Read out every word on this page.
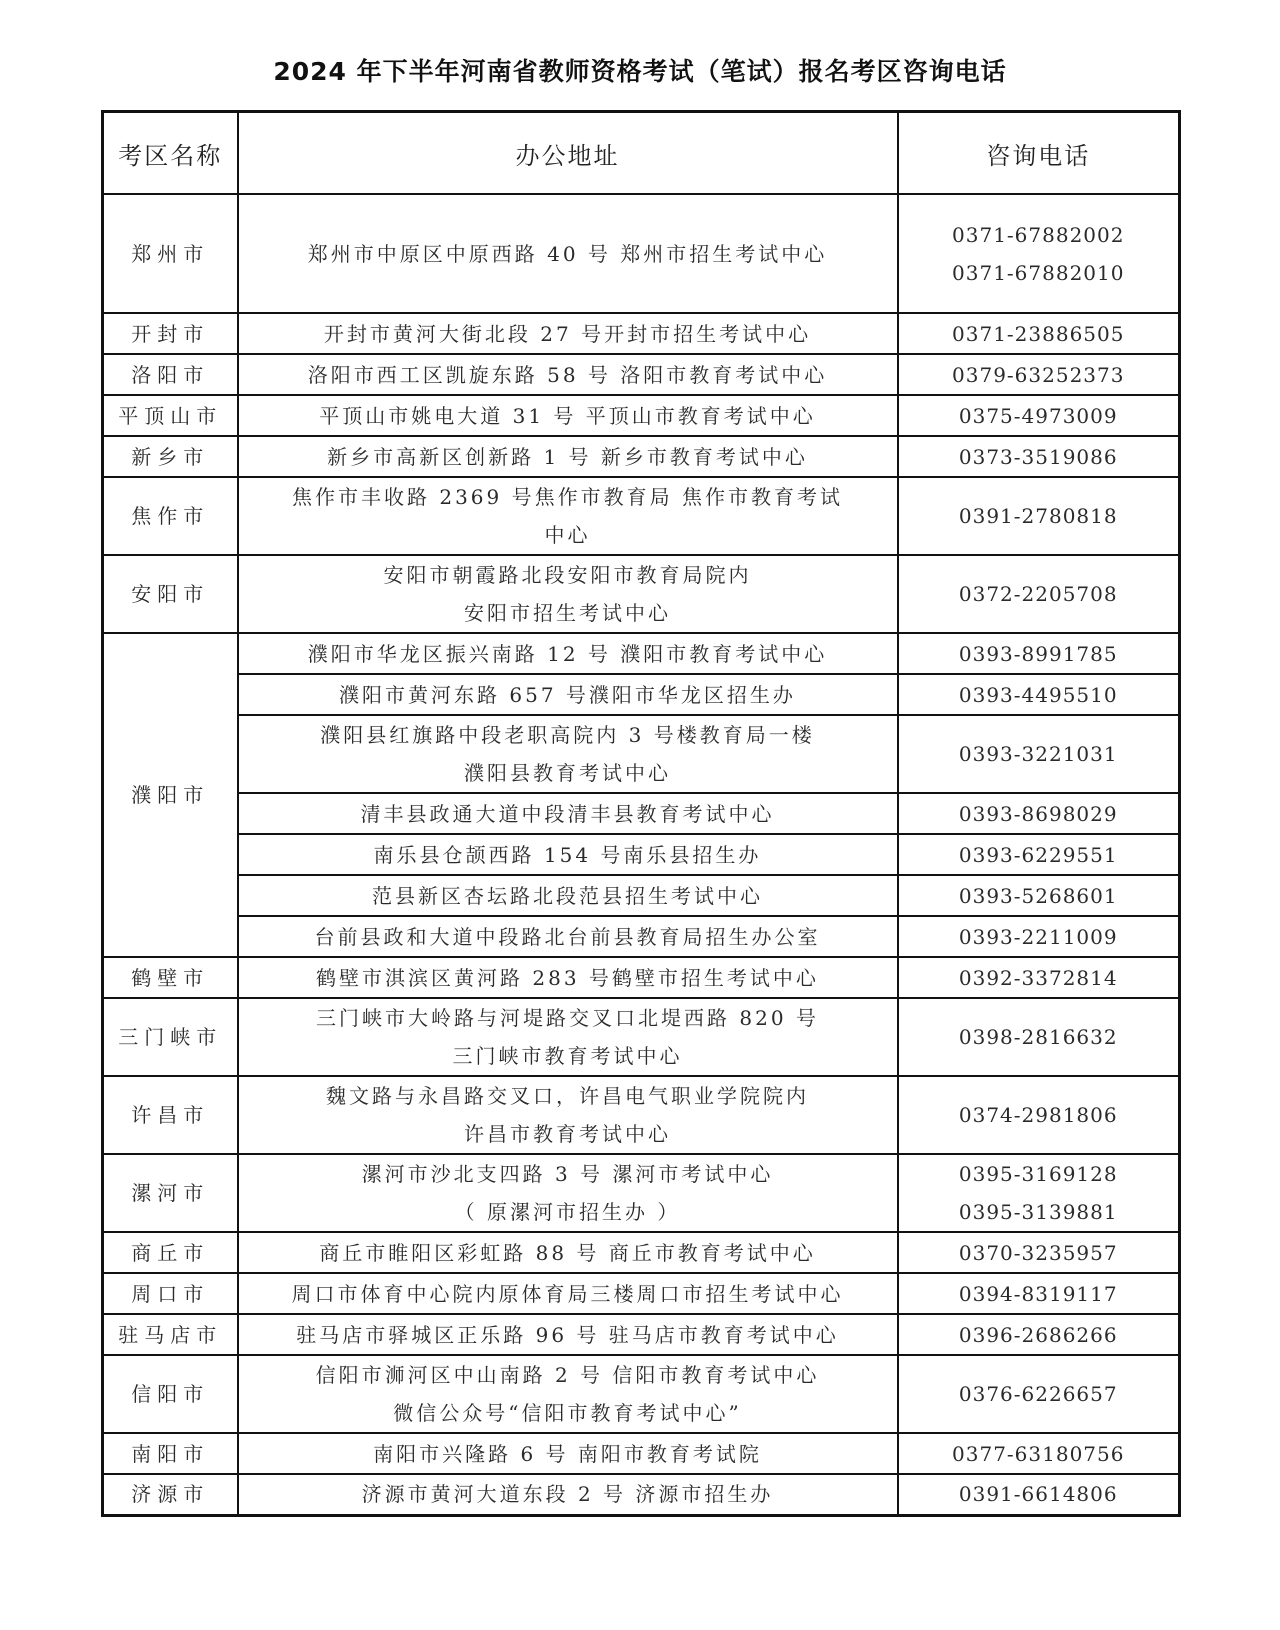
2024 年下半年河南省教师资格考试（笔试）报名考区咨询电话
考区名称	办公地址	咨询电话
郑州市	郑州市中原区中原西路 40 号 郑州市招生考试中心	0371-67882002
0371-67882010

开封市	开封市黄河大街北段 27 号开封市招生考试中心	0371-23886505

洛阳市	洛阳市西工区凯旋东路 58 号 洛阳市教育考试中心	0379-63252373

平顶山市	平顶山市姚电大道 31 号 平顶山市教育考试中心	0375-4973009

新乡市	新乡市高新区创新路 1 号 新乡市教育考试中心	0373-3519086

焦作市	焦作市丰收路 2369 号焦作市教育局 焦作市教育考试
中心	0391-2780818

安阳市	安阳市朝霞路北段安阳市教育局院内
安阳市招生考试中心	0372-2205708

濮阳市	濮阳市华龙区振兴南路 12 号 濮阳市教育考试中心	0393-8991785

	濮阳市黄河东路 657 号濮阳市华龙区招生办	0393-4495510

	濮阳县红旗路中段老职高院内 3 号楼教育局一楼
濮阳县教育考试中心	0393-3221031

	清丰县政通大道中段清丰县教育考试中心	0393-8698029

	南乐县仓颉西路 154 号南乐县招生办	0393-6229551

	范县新区杏坛路北段范县招生考试中心	0393-5268601

	台前县政和大道中段路北台前县教育局招生办公室	0393-2211009

鹤壁市	鹤壁市淇滨区黄河路 283 号鹤壁市招生考试中心	0392-3372814

三门峡市	三门峡市大岭路与河堤路交叉口北堤西路 820 号
三门峡市教育考试中心	0398-2816632

许昌市	魏文路与永昌路交叉口，许昌电气职业学院院内
许昌市教育考试中心	0374-2981806

漯河市	漯河市沙北支四路 3 号 漯河市考试中心
（ 原漯河市招生办 ）	0395-3169128
0395-3139881

商丘市	商丘市睢阳区彩虹路 88 号 商丘市教育考试中心	0370-3235957

周口市	周口市体育中心院内原体育局三楼周口市招生考试中心	0394-8319117

驻马店市	驻马店市驿城区正乐路 96 号 驻马店市教育考试中心	0396-2686266

信阳市	信阳市浉河区中山南路 2 号 信阳市教育考试中心
微信公众号“信阳市教育考试中心”	0376-6226657

南阳市	南阳市兴隆路 6 号 南阳市教育考试院	0377-63180756

济源市	济源市黄河大道东段 2 号 济源市招生办	0391-6614806
